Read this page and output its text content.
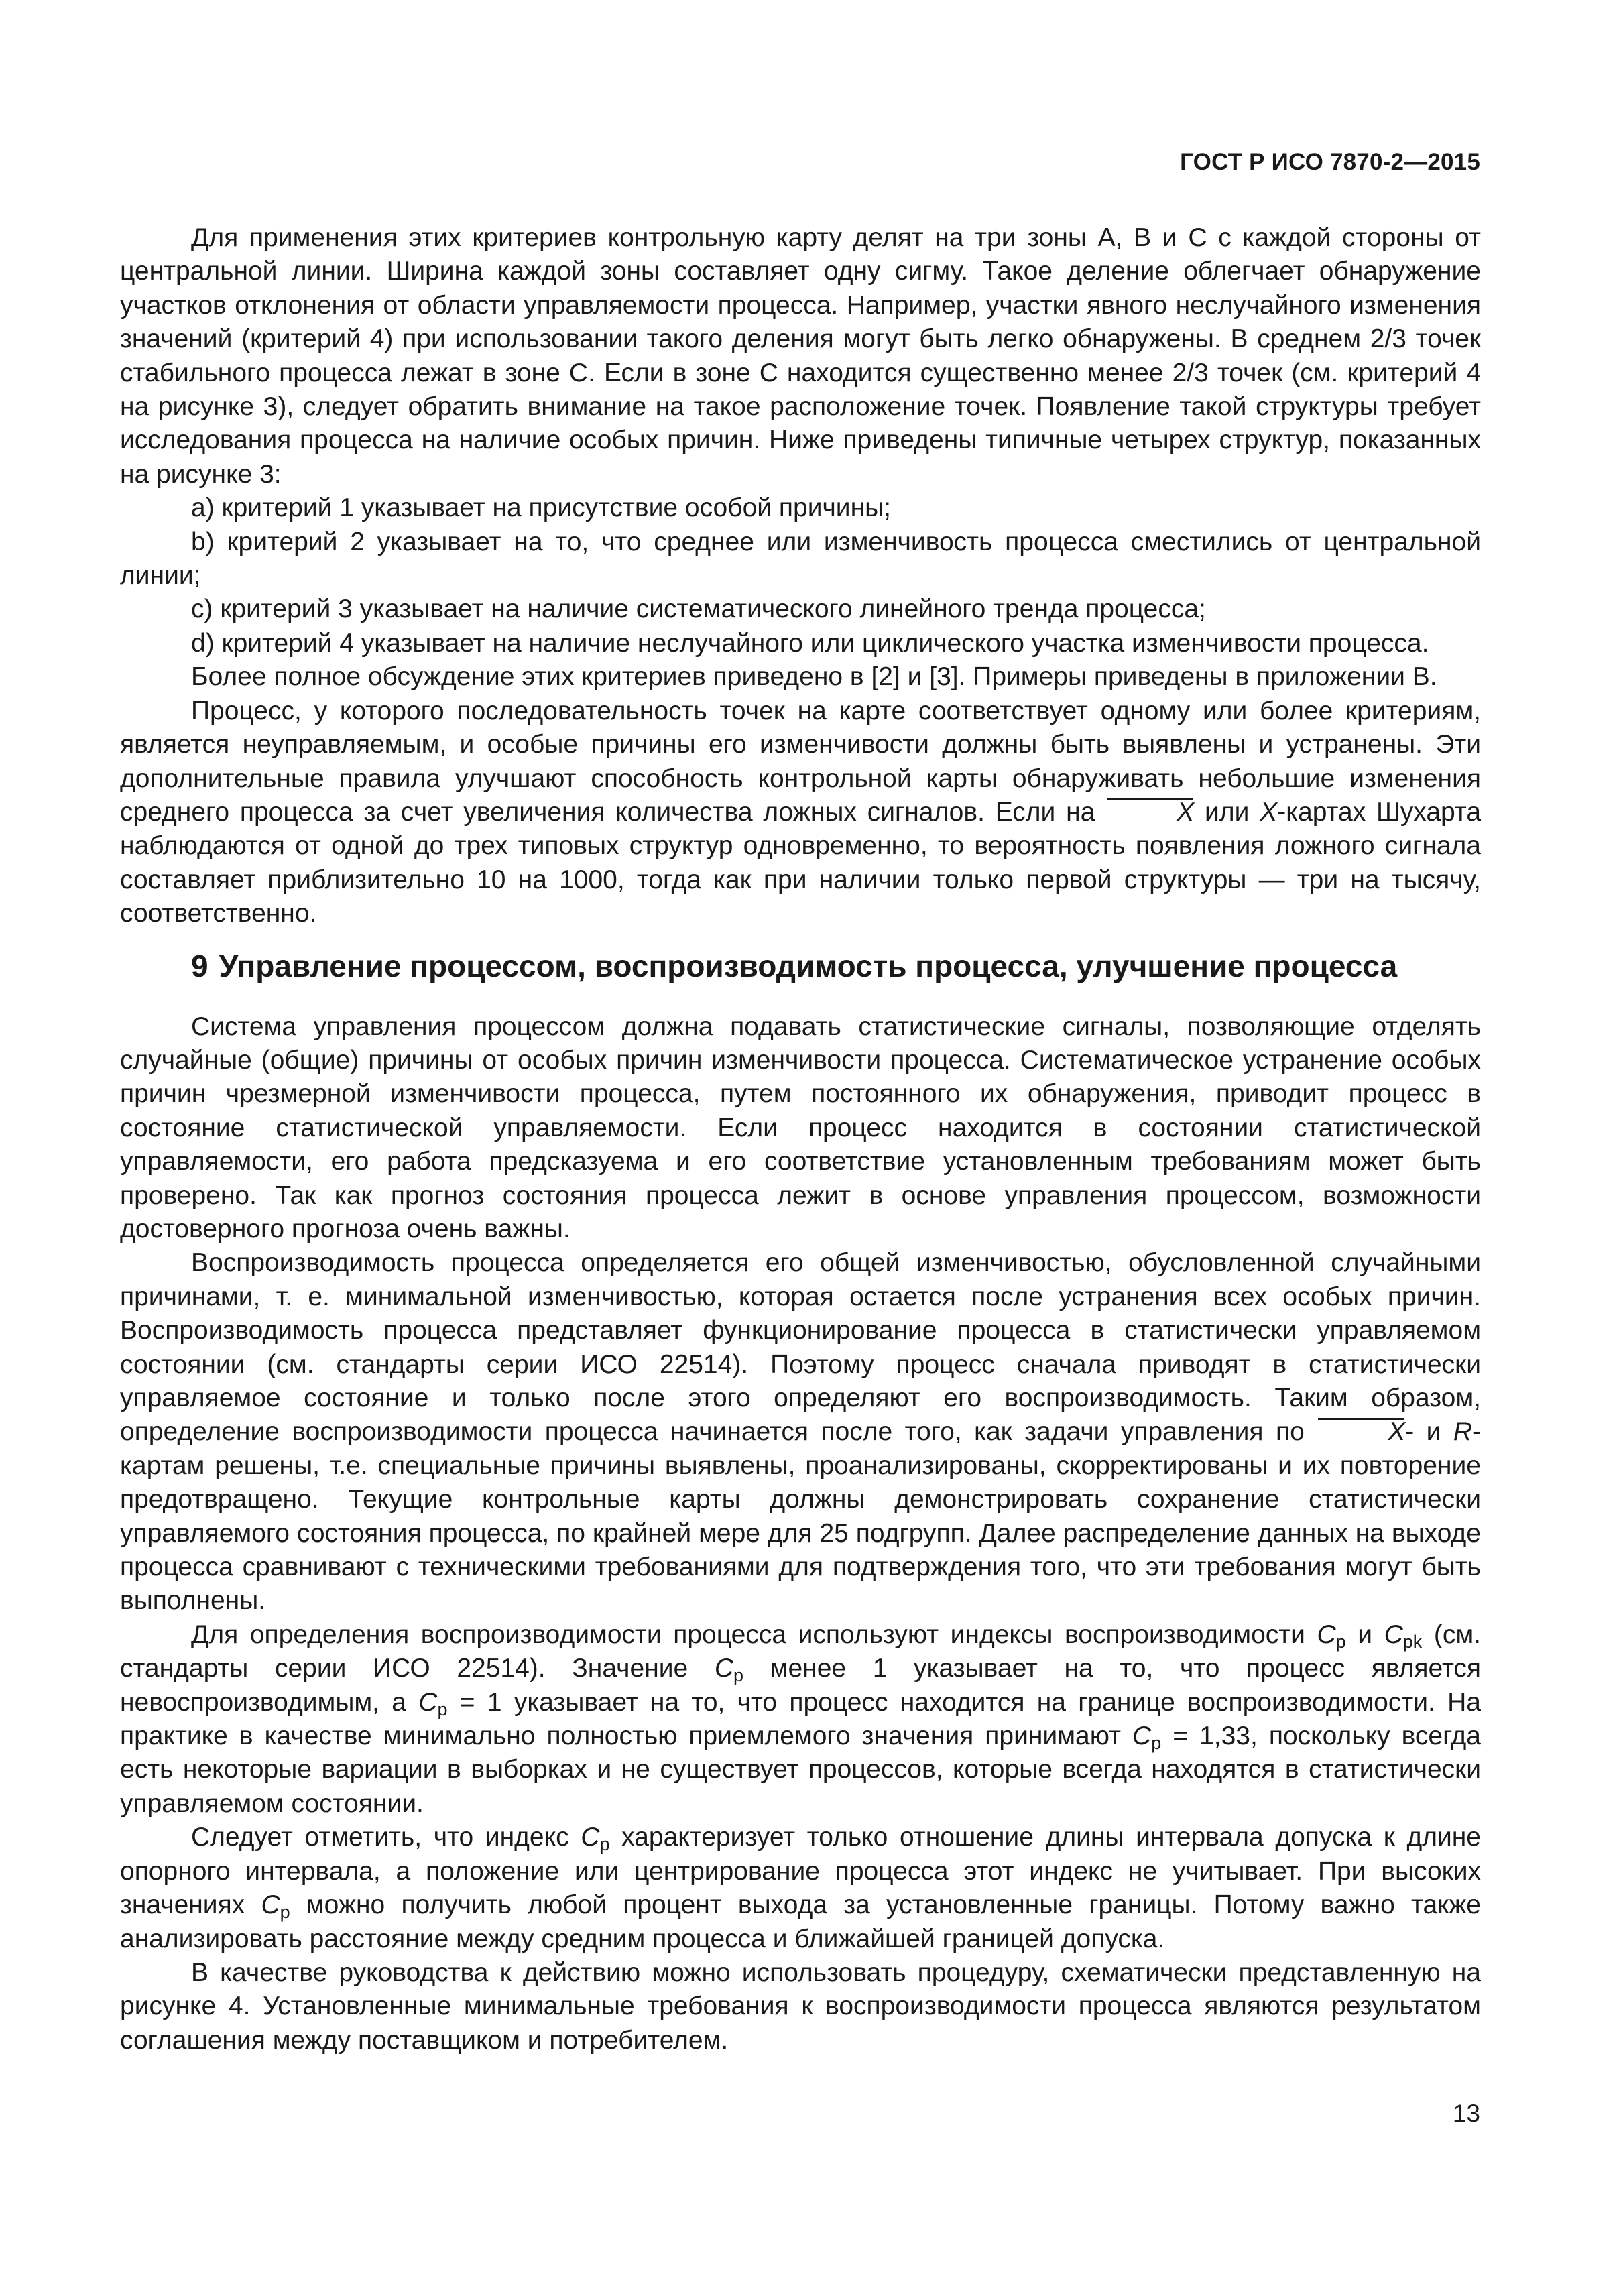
ГОСТ Р ИСО 7870-2—2015

Для применения этих критериев контрольную карту делят на три зоны A, B и C с каждой стороны от центральной линии. Ширина каждой зоны составляет одну сигму. Такое деление облегчает обнаружение участков отклонения от области управляемости процесса. Например, участки явного неслучайного изменения значений (критерий 4) при использовании такого деления могут быть легко обнаружены. В среднем 2/3 точек стабильного процесса лежат в зоне C. Если в зоне C находится существенно менее 2/3 точек (см. критерий 4 на рисунке 3), следует обратить внимание на такое расположение точек. Появление такой структуры требует исследования процесса на наличие особых причин. Ниже приведены типичные четырех структур, показанных на рисунке 3:

a) критерий 1 указывает на присутствие особой причины;

b) критерий 2 указывает на то, что среднее или изменчивость процесса сместились от центральной линии;

c) критерий 3 указывает на наличие систематического линейного тренда процесса;

d) критерий 4 указывает на наличие неслучайного или циклического участка изменчивости процесса.

Более полное обсуждение этих критериев приведено в [2] и [3]. Примеры приведены в приложении В.

Процесс, у которого последовательность точек на карте соответствует одному или более критериям, является неуправляемым, и особые причины его изменчивости должны быть выявлены и устранены. Эти дополнительные правила улучшают способность контрольной карты обнаруживать небольшие изменения среднего процесса за счет увеличения количества ложных сигналов. Если на	X или X-картах Шухарта наблюдаются от одной до трех типовых структур одновременно, то вероятность появления ложного сигнала составляет приблизительно 10 на 1000, тогда как при наличии только первой структуры — три на тысячу, соответственно.

9 Управление процессом, воспроизводимость процесса, улучшение процесса

Система управления процессом должна подавать статистические сигналы, позволяющие отделять случайные (общие) причины от особых причин изменчивости процесса. Систематическое устранение особых причин чрезмерной изменчивости процесса, путем постоянного их обнаружения, приводит процесс в состояние статистической управляемости. Если процесс находится в состоянии статистической управляемости, его работа предсказуема и его соответствие установленным требованиям может быть проверено. Так как прогноз состояния процесса лежит в основе управления процессом, возможности достоверного прогноза очень важны.

Воспроизводимость процесса определяется его общей изменчивостью, обусловленной случайными причинами, т. е. минимальной изменчивостью, которая остается после устранения всех особых причин. Воспроизводимость процесса представляет функционирование процесса в статистически управляемом состоянии (см. стандарты серии ИСО 22514). Поэтому процесс сначала приводят в статистически управляемое состояние и только после этого определяют его воспроизводимость. Таким образом, определение воспроизводимости процесса начинается после того, как задачи управления по	X- и R-картам решены, т.е. специальные причины выявлены, проанализированы, скорректированы и их повторение предотвращено. Текущие контрольные карты должны демонстрировать сохранение статистически управляемого состояния процесса, по крайней мере для 25 подгрупп. Далее распределение данных на выходе процесса сравнивают с техническими требованиями для подтверждения того, что эти требования могут быть выполнены.

Для определения воспроизводимости процесса используют индексы воспроизводимости $C_p$ и $C_{pk}$ (см. стандарты серии ИСО 22514). Значение $C_p$ менее 1 указывает на то, что процесс является невоспроизводимым, а $C_p = 1$ указывает на то, что процесс находится на границе воспроизводимости. На практике в качестве минимально полностью приемлемого значения принимают $C_p = 1,33$, поскольку всегда есть некоторые вариации в выборках и не существует процессов, которые всегда находятся в статистически управляемом состоянии.

Следует отметить, что индекс $C_p$ характеризует только отношение длины интервала допуска к длине опорного интервала, а положение или центрирование процесса этот индекс не учитывает. При высоких значениях $C_p$ можно получить любой процент выхода за установленные границы. Потому важно также анализировать расстояние между средним процесса и ближайшей границей допуска.

В качестве руководства к действию можно использовать процедуру, схематически представленную на рисунке 4. Установленные минимальные требования к воспроизводимости процесса являются результатом соглашения между поставщиком и потребителем.

13
